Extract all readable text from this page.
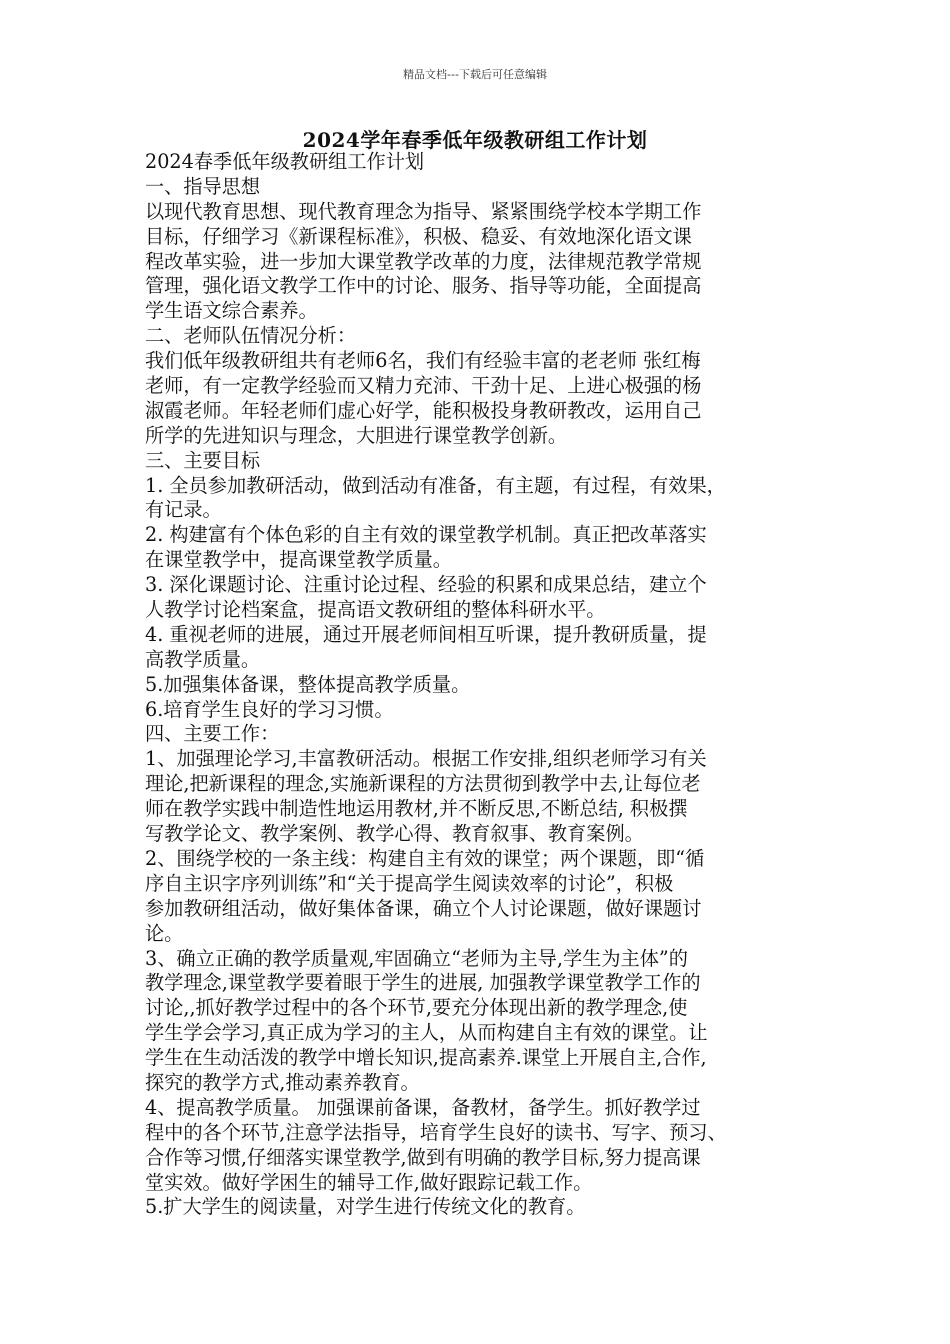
精品文档---下载后可任意编辑
2024学年春季低年级教研组工作计划
2024春季低年级教研组工作计划
一、指导思想
以现代教育思想、现代教育理念为指导、紧紧围绕学校本学期工作
目标，仔细学习《新课程标准》，积极、稳妥、有效地深化语文课
程改革实验，进一步加大课堂教学改革的力度，法律规范教学常规
管理，强化语文教学工作中的讨论、服务、指导等功能，全面提高
学生语文综合素养。
二、老师队伍情况分析：
我们低年级教研组共有老师6名，我们有经验丰富的老老师 张红梅
老师，有一定教学经验而又精力充沛、干劲十足、上进心极强的杨
淑霞老师。年轻老师们虚心好学，能积极投身教研教改，运用自己
所学的先进知识与理念，大胆进行课堂教学创新。
三、主要目标
1. 全员参加教研活动，做到活动有准备，有主题，有过程，有效果，
有记录。
2. 构建富有个体色彩的自主有效的课堂教学机制。真正把改革落实
在课堂教学中，提高课堂教学质量。
3. 深化课题讨论、注重讨论过程、经验的积累和成果总结，建立个
人教学讨论档案盒，提高语文教研组的整体科研水平。
4. 重视老师的进展，通过开展老师间相互听课，提升教研质量，提
高教学质量。
5.加强集体备课，整体提高教学质量。
6.培育学生良好的学习习惯。
四、主要工作：
1、加强理论学习,丰富教研活动。根据工作安排,组织老师学习有关
理论,把新课程的理念,实施新课程的方法贯彻到教学中去,让每位老
师在教学实践中制造性地运用教材,并不断反思,不断总结, 积极撰
写教学论文、教学案例、教学心得、教育叙事、教育案例。
2、围绕学校的一条主线：构建自主有效的课堂；两个课题，即“循
序自主识字序列训练”和“关于提高学生阅读效率的讨论”，积极
参加教研组活动，做好集体备课，确立个人讨论课题，做好课题讨
论。
3、确立正确的教学质量观,牢固确立“老师为主导,学生为主体”的
教学理念,课堂教学要着眼于学生的进展, 加强教学课堂教学工作的
讨论,,抓好教学过程中的各个环节,要充分体现出新的教学理念,使
学生学会学习,真正成为学习的主人，从而构建自主有效的课堂。让
学生在生动活泼的教学中增长知识,提高素养.课堂上开展自主,合作,
探究的教学方式,推动素养教育。
4、提高教学质量。 加强课前备课，备教材，备学生。抓好教学过
程中的各个环节,注意学法指导，培育学生良好的读书、写字、预习、
合作等习惯,仔细落实课堂教学,做到有明确的教学目标,努力提高课
堂实效。做好学困生的辅导工作,做好跟踪记载工作。
5.扩大学生的阅读量，对学生进行传统文化的教育。
